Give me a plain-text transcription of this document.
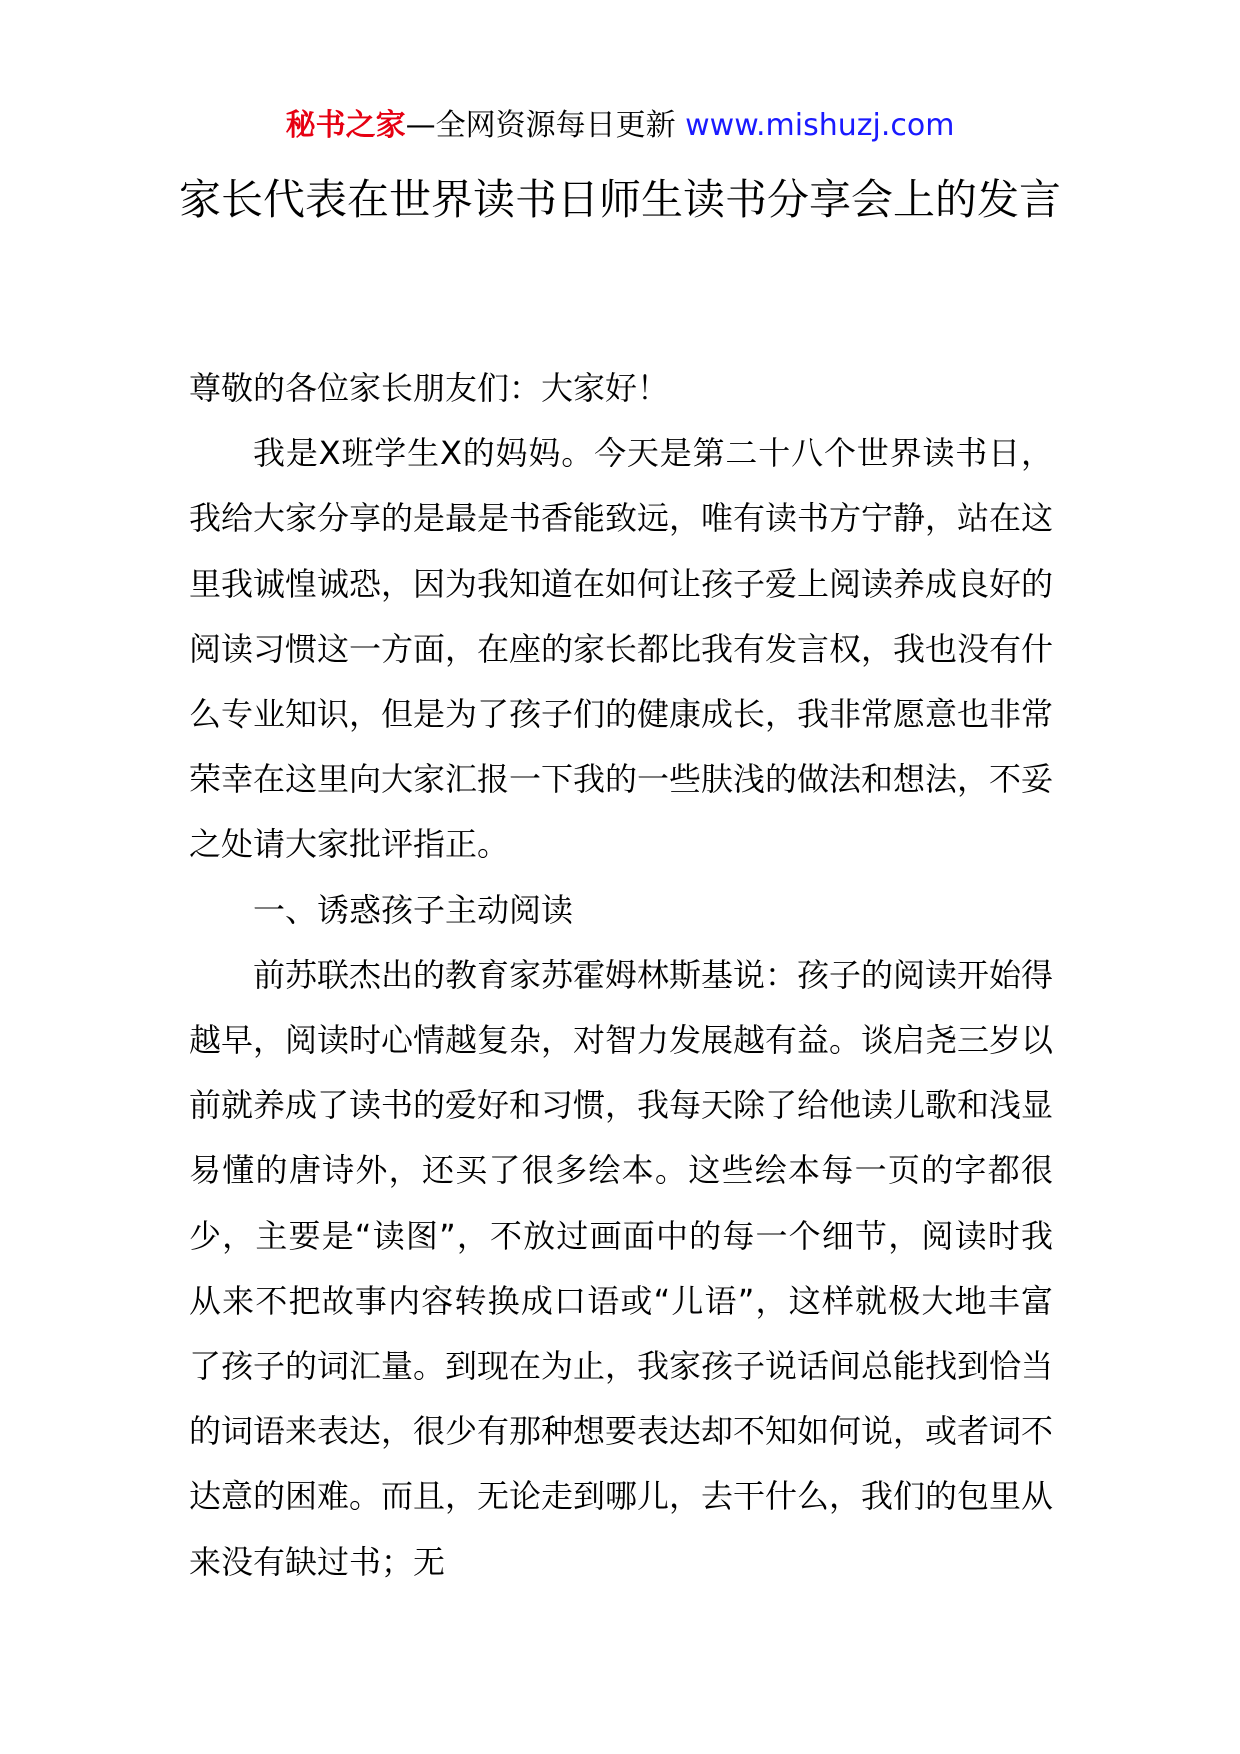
秘书之家—全网资源每日更新 www.mishuzj.com
家长代表在世界读书日师生读书分享会上的发言

尊敬的各位家长朋友们：大家好！

我是X班学生X的妈妈。今天是第二十八个世界读书日，我给大家分享的是最是书香能致远，唯有读书方宁静，站在这里我诚惶诚恐，因为我知道在如何让孩子爱上阅读养成良好的阅读习惯这一方面，在座的家长都比我有发言权，我也没有什么专业知识，但是为了孩子们的健康成长，我非常愿意也非常荣幸在这里向大家汇报一下我的一些肤浅的做法和想法，不妥之处请大家批评指正。

一、诱惑孩子主动阅读

前苏联杰出的教育家苏霍姆林斯基说：孩子的阅读开始得越早，阅读时心情越复杂，对智力发展越有益。谈启尧三岁以前就养成了读书的爱好和习惯，我每天除了给他读儿歌和浅显易懂的唐诗外，还买了很多绘本。这些绘本每一页的字都很少，主要是“读图”，不放过画面中的每一个细节，阅读时我从来不把故事内容转换成口语或“儿语”，这样就极大地丰富了孩子的词汇量。到现在为止，我家孩子说话间总能找到恰当的词语来表达，很少有那种想要表达却不知如何说，或者词不达意的困难。而且，无论走到哪儿，去干什么，我们的包里从来没有缺过书；无
